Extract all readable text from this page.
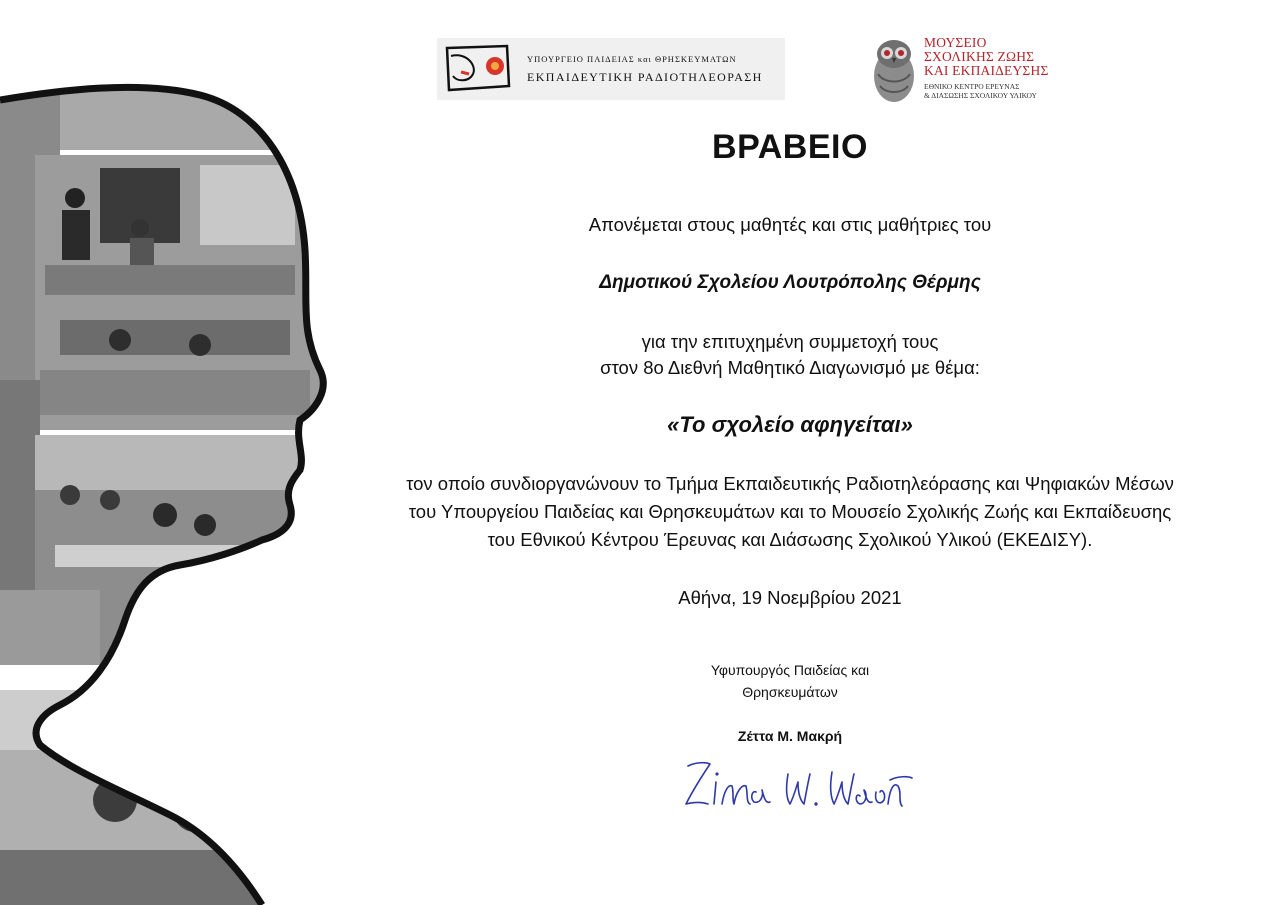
ΥΠΟΥΡΓΕΙΟ ΠΑΙΔΕΙΑΣ και ΘΡΗΣΚΕΥΜΑΤΩΝ
ΕΚΠΑΙΔΕΥΤΙΚΗ ΡΑΔΙΟΤΗΛΕΟΡΑΣΗ
ΜΟΥΣΕΙΟ
ΣΧΟΛΙΚΗΣ ΖΩΗΣ
ΚΑΙ ΕΚΠΑΙΔΕΥΣΗΣ
ΕΘΝΙΚΟ ΚΕΝΤΡΟ ΕΡΕΥΝΑΣ
& ΔΙΑΣΩΣΗΣ ΣΧΟΛΙΚΟΥ ΥΛΙΚΟΥ
ΒΡΑΒΕΙΟ
Απονέμεται στους μαθητές και στις μαθήτριες του
Δημοτικού Σχολείου Λουτρόπολης Θέρμης
για την επιτυχημένη συμμετοχή τους
στον 8ο Διεθνή Μαθητικό Διαγωνισμό με θέμα:
«Το σχολείο αφηγείται»
τον οποίο συνδιοργανώνουν το Τμήμα Εκπαιδευτικής Ραδιοτηλεόρασης και Ψηφιακών Μέσων
του Υπουργείου Παιδείας και Θρησκευμάτων και το Μουσείο Σχολικής Ζωής και Εκπαίδευσης
του Εθνικού Κέντρου Έρευνας και Διάσωσης Σχολικού Υλικού (ΕΚΕΔΙΣΥ).
Αθήνα, 19 Νοεμβρίου 2021
Υφυπουργός Παιδείας και
Θρησκευμάτων
Ζέττα Μ. Μακρή
